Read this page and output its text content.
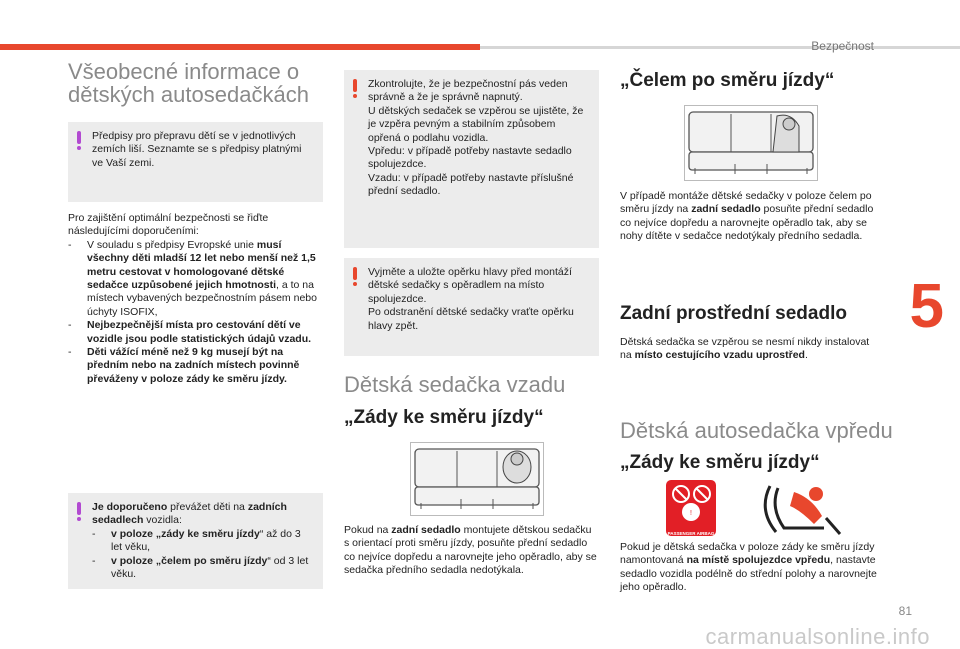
Bezpečnost
5
Všeobecné informace o dětských autosedačkách

Předpisy pro přepravu dětí se v jednotlivých zemích liší. Seznamte se s předpisy platnými ve Vaší zemi.

Pro zajištění optimální bezpečnosti se řiďte následujícími doporučeními:

- V souladu s předpisy Evropské unie musí všechny děti mladší 12 let nebo menší než 1,5 metru cestovat v homologované dětské sedačce uzpůsobené jejich hmotnosti, a to na místech vybavených bezpečnostním pásem nebo úchyty ISOFIX,
- Nejbezpečnější místa pro cestování dětí ve vozidle jsou podle statistických údajů vzadu.
- Děti vážící méně než 9 kg musejí být na předním nebo na zadních místech povinně převáženy v poloze zády ke směru jízdy.

Je doporučeno převážet děti na zadních sedadlech vozidla:

- v poloze „zády ke směru jízdy“ až do 3 let věku,
- v poloze „čelem po směru jízdy“ od 3 let věku.

Zkontrolujte, že je bezpečnostní pás veden správně a že je správně napnutý.

U dětských sedaček se vzpěrou se ujistěte, že je vzpěra pevným a stabilním způsobem opřená o podlahu vozidla.

Vpředu: v případě potřeby nastavte sedadlo spolujezdce.

Vzadu: v případě potřeby nastavte příslušné přední sedadlo.

Vyjměte a uložte opěrku hlavy před montáží dětské sedačky s opěradlem na místo spolujezdce.

Po odstranění dětské sedačky vraťte opěrku hlavy zpět.

Dětská sedačka vzadu
„Zády ke směru jízdy“

Pokud na zadní sedadlo montujete dětskou sedačku s orientací proti směru jízdy, posuňte přední sedadlo co nejvíce dopředu a narovnejte jeho opěradlo, aby se sedačka předního sedadla nedotýkala.

„Čelem po směru jízdy“

V případě montáže dětské sedačky v poloze čelem po směru jízdy na zadní sedadlo posuňte přední sedadlo co nejvíce dopředu a narovnejte opěradlo tak, aby se nohy dítěte v sedačce nedotýkaly předního sedadla.

Zadní prostřední sedadlo

Dětská sedačka se vzpěrou se nesmí nikdy instalovat na místo cestujícího vzadu uprostřed.

Dětská autosedačka vpředu
„Zády ke směru jízdy“
!
PASSENGER AIRBAG

Pokud je dětská sedačka v poloze zády ke směru jízdy namontovaná na místě spolujezdce vpředu, nastavte sedadlo vozidla podélně do střední polohy a narovnejte jeho opěradlo.

81
carmanualsonline.info
